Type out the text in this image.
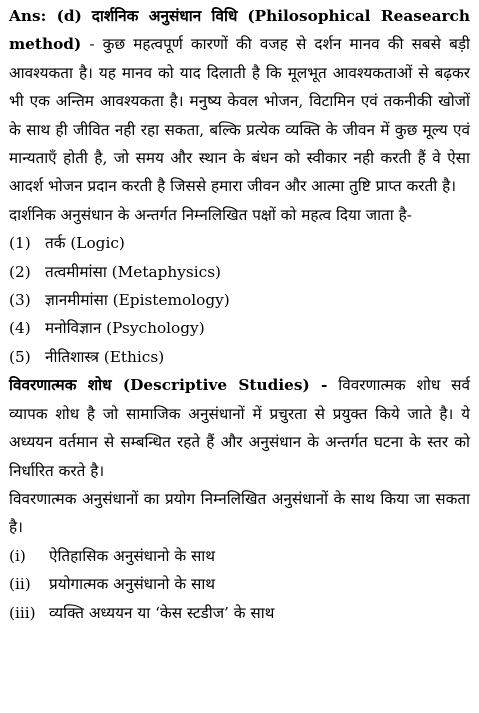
Ans: (d) दार्शनिक अनुसंधान विधि (Philosophical Reasearch method) - कुछ महत्वपूर्ण कारणों की वजह से दर्शन मानव की सबसे बड़ी आवश्यकता है। यह मानव को याद दिलाती है कि मूलभूत आवश्यकताओं से बढ़कर भी एक अन्तिम आवश्यकता है। मनुष्य केवल भोजन, विटामिन एवं तकनीकी खोजों के साथ ही जीवित नही रहा सकता, बल्कि प्रत्येक व्यक्ति के जीवन में कुछ मूल्य एवं मान्यताएँ होती है, जो समय और स्थान के बंधन को स्वीकार नही करती हैं वे ऐसा आदर्श भोजन प्रदान करती है जिससे हमारा जीवन और आत्मा तुष्टि प्राप्त करती है।

दार्शनिक अनुसंधान के अन्तर्गत निम्नलिखित पक्षों को महत्व दिया जाता है-

(1) तर्क (Logic)
(2) तत्वमीमांसा (Metaphysics)
(3) ज्ञानमीमांसा (Epistemology)
(4) मनोविज्ञान (Psychology)
(5) नीतिशास्त्र (Ethics)

विवरणात्मक शोध (Descriptive Studies) - विवरणात्मक शोध सर्व व्यापक शोध है जो सामाजिक अनुसंधानों में प्रचुरता से प्रयुक्त किये जाते है। ये अध्ययन वर्तमान से सम्बन्धित रहते हैं और अनुसंधान के अन्तर्गत घटना के स्तर को निर्धारित करते है।

विवरणात्मक अनुसंधानों का प्रयोग निम्नलिखित अनुसंधानों के साथ किया जा सकता है।

(i)	ऐतिहासिक अनुसंधानो के साथ
(ii)	प्रयोगात्मक अनुसंधानो के साथ
(iii) व्यक्ति अध्ययन या ‘केस स्टडीज’ के साथ
